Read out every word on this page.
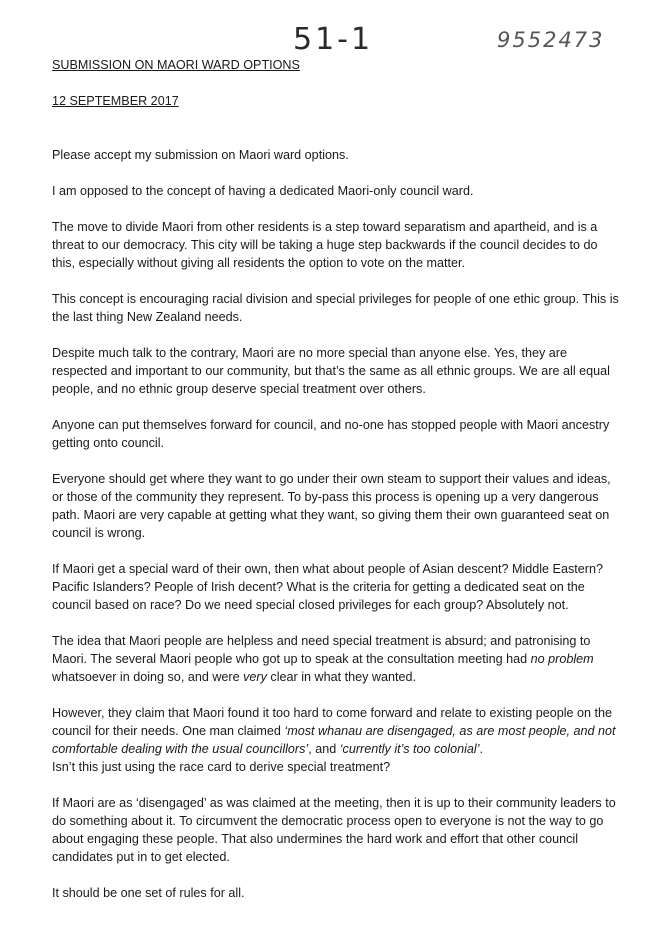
51-1	9552473

SUBMISSION ON MAORI WARD OPTIONS

12 SEPTEMBER 2017

Please accept my submission on Maori ward options.

I am opposed to the concept of having a dedicated Maori-only council ward.

The move to divide Maori from other residents is a step toward separatism and apartheid, and is a threat to our democracy. This city will be taking a huge step backwards if the council decides to do this, especially without giving all residents the option to vote on the matter.

This concept is encouraging racial division and special privileges for people of one ethic group. This is the last thing New Zealand needs.

Despite much talk to the contrary, Maori are no more special than anyone else. Yes, they are respected and important to our community, but that’s the same as all ethnic groups. We are all equal people, and no ethnic group deserve special treatment over others.

Anyone can put themselves forward for council, and no-one has stopped people with Maori ancestry getting onto council.

Everyone should get where they want to go under their own steam to support their values and ideas, or those of the community they represent. To by-pass this process is opening up a very dangerous path. Maori are very capable at getting what they want, so giving them their own guaranteed seat on council is wrong.

If Maori get a special ward of their own, then what about people of Asian descent? Middle Eastern? Pacific Islanders? People of Irish decent? What is the criteria for getting a dedicated seat on the council based on race? Do we need special closed privileges for each group? Absolutely not.

The idea that Maori people are helpless and need special treatment is absurd; and patronising to Maori. The several Maori people who got up to speak at the consultation meeting had no problem whatsoever in doing so, and were very clear in what they wanted.

However, they claim that Maori found it too hard to come forward and relate to existing people on the council for their needs. One man claimed ‘most whanau are disengaged, as are most people, and not comfortable dealing with the usual councillors’, and ‘currently it’s too colonial’.
Isn’t this just using the race card to derive special treatment?

If Maori are as ‘disengaged’ as was claimed at the meeting, then it is up to their community leaders to do something about it. To circumvent the democratic process open to everyone is not the way to go about engaging these people. That also undermines the hard work and effort that other council candidates put in to get elected.

It should be one set of rules for all.
